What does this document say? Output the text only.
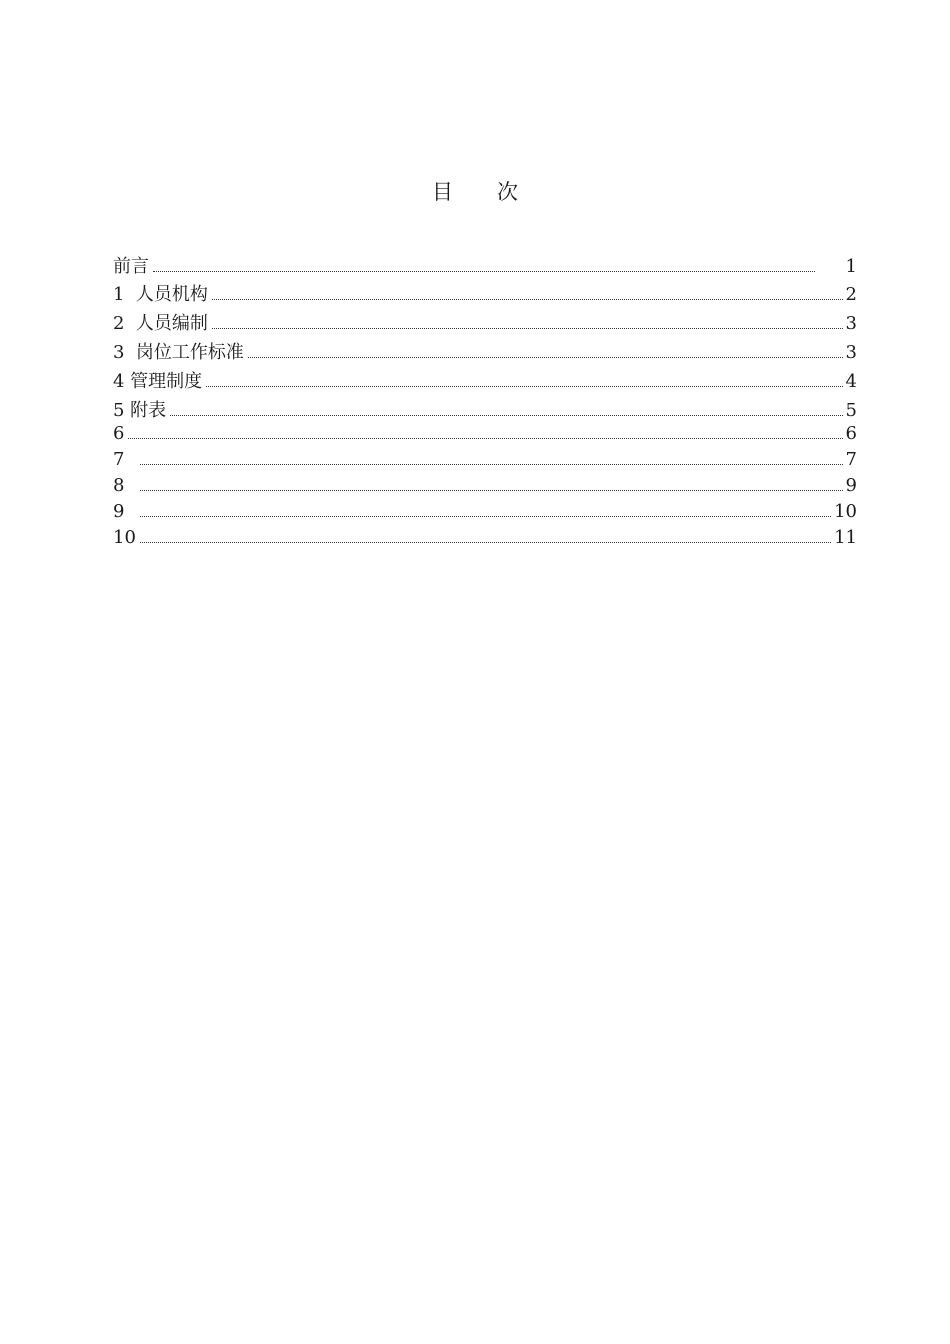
目 次
前言	1
1  人员机构	2
2  人员编制	3
3  岗位工作标准	3
4 管理制度	4
5 附表	5
6	6
7	7
8	9
9	10
10	11
